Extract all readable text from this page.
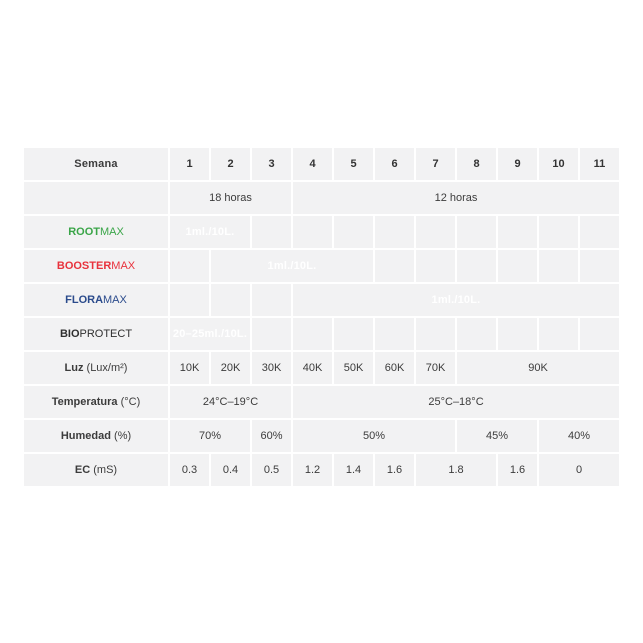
Semana	1	2	3	4	5	6	7	8	9	10	11
	18 horas			12 horas							
ROOTMAX	1ml./10L.										
BOOSTERMAX		1ml./10L.									
FLORAMAX				1ml./10L.							
BIOPROTECT	20–25ml./10L.										
Luz (Lux/m²)	10K	20K	30K	40K	50K	60K	70K	90K			
Temperatura (°C)	24°C–19°C			25°C–18°C							
Humedad (%)	70%		60%	50%				45%		40%	
EC (mS)	0.3	0.4	0.5	1.2	1.4	1.6	1.8		1.6	0	
